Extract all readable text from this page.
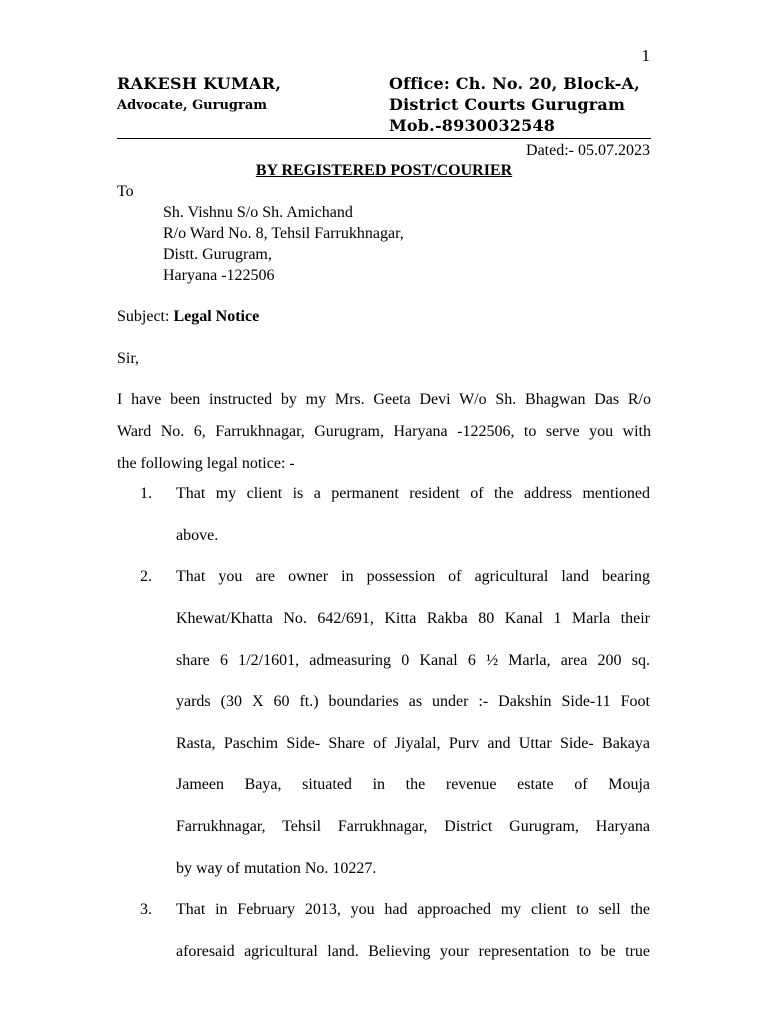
1
RAKESH KUMAR,
Advocate, Gurugram
Office: Ch. No. 20, Block-A,
District Courts Gurugram
Mob.-8930032548
Dated:- 05.07.2023
BY REGISTERED POST/COURIER
To
Sh. Vishnu S/o Sh. Amichand
R/o Ward No. 8, Tehsil Farrukhnagar,
Distt. Gurugram,
Haryana -122506
Subject: Legal Notice
Sir,
I have been instructed by my Mrs. Geeta Devi W/o Sh. Bhagwan Das R/o
Ward No. 6, Farrukhnagar, Gurugram, Haryana -122506, to serve you with
the following legal notice: -
1. That my client is a permanent resident of the address mentioned
above.
2. That you are owner in possession of agricultural land bearing
Khewat/Khatta No. 642/691, Kitta Rakba 80 Kanal 1 Marla their
share 6 1/2/1601, admeasuring 0 Kanal 6 ½ Marla, area 200 sq.
yards (30 X 60 ft.) boundaries as under :- Dakshin Side-11 Foot
Rasta, Paschim Side- Share of Jiyalal, Purv and Uttar Side- Bakaya
Jameen Baya, situated in the revenue estate of Mouja
Farrukhnagar, Tehsil Farrukhnagar, District Gurugram, Haryana
by way of mutation No. 10227.
3. That in February 2013, you had approached my client to sell the
aforesaid agricultural land. Believing your representation to be true
